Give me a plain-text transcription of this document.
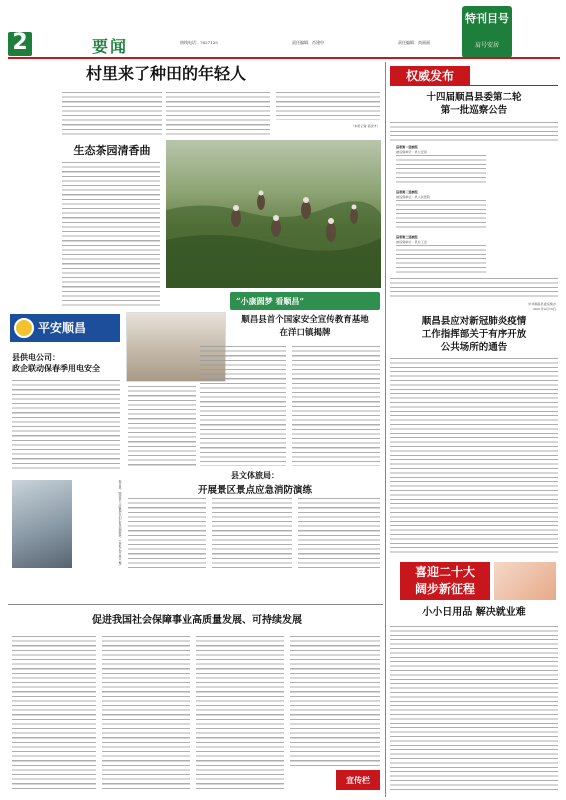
2	要闻	责任编辑：尚丽丽
热线电话：7827125	责任编辑：肖建中
特刊目号
肩号安居
村里来了种田的年轻人
（本报记者 高世才）
生态茶园清香曲
“小康圆梦 看顺昌”
平安顺昌
县供电公司：
政企联动保春季用电安全
春日里，顺昌县大历镇茶农们忙着采摘新茶。（本报记者 黄兴 摄）
顺昌县首个国家安全宣传教育基地
在洋口镇揭牌
县文体旅局：
开展景区景点应急消防演练
权威发布
十四届顺昌县委第二轮
第一批巡察公告
县委第一巡察组
被巡察单位：县公安局
县委第二巡察组
被巡察单位：县人民医院
县委第三巡察组
被巡察单位：县总工会
中共顺昌县委巡察办
2021年4月15日
顺昌县应对新冠肺炎疫情
工作指挥部关于有序开放
公共场所的通告
喜迎二十大
阔步新征程
促进我国社会保障事业高质量发展、可持续发展
宣传栏
小小日用品 解决就业难
